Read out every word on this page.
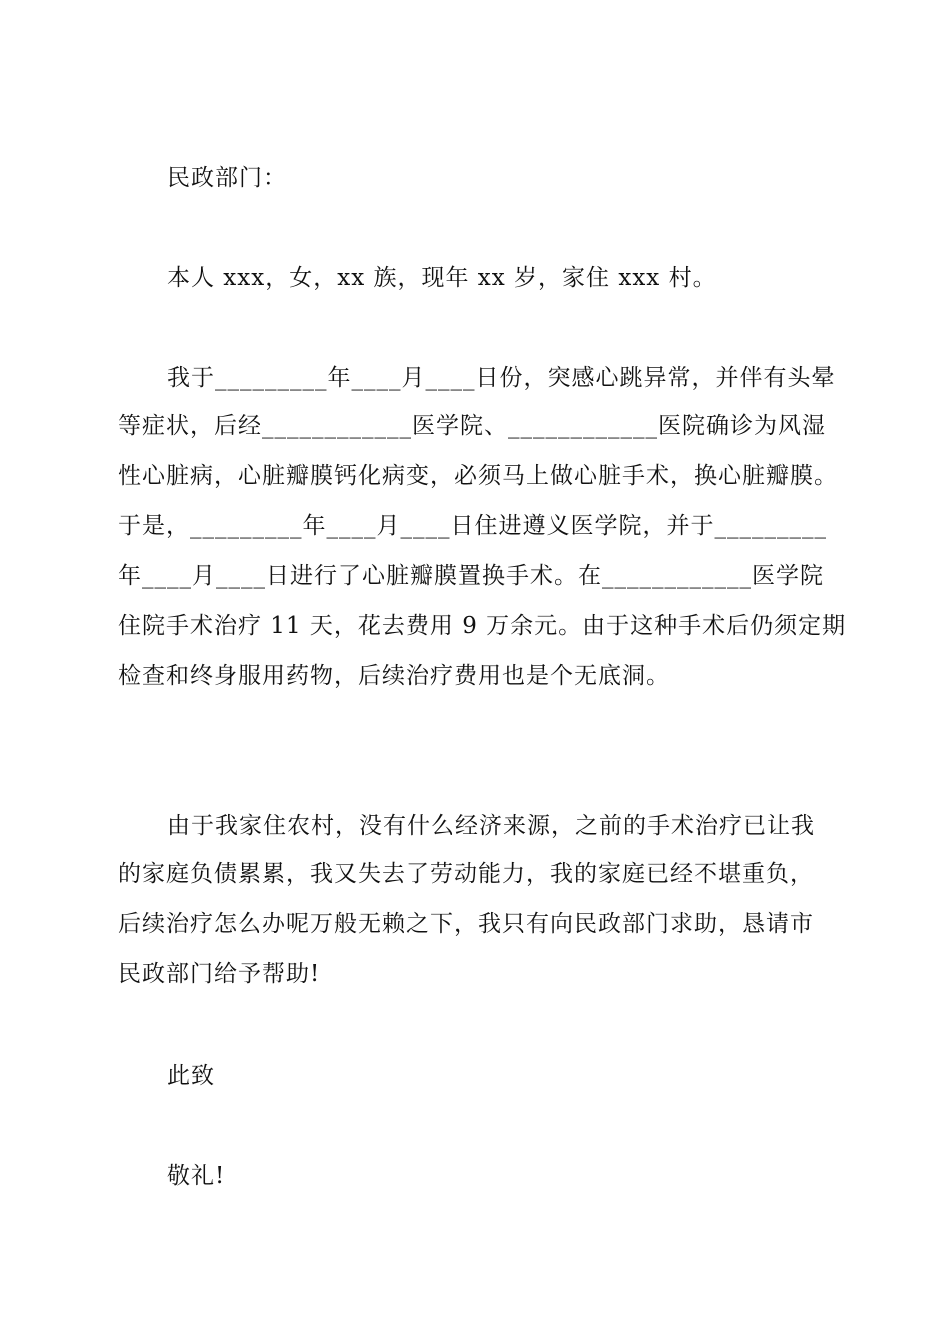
民政部门：
本人 xxx，女，xx 族，现年 xx 岁，家住 xxx 村。
我于_________年____月____日份，突感心跳异常，并伴有头晕
等症状，后经____________医学院、____________医院确诊为风湿
性心脏病，心脏瓣膜钙化病变，必须马上做心脏手术，换心脏瓣膜。
于是，_________年____月____日住进遵义医学院，并于_________
年____月____日进行了心脏瓣膜置换手术。在____________医学院
住院手术治疗 11 天，花去费用 9 万余元。由于这种手术后仍须定期
检查和终身服用药物，后续治疗费用也是个无底洞。
由于我家住农村，没有什么经济来源，之前的手术治疗已让我
的家庭负债累累，我又失去了劳动能力，我的家庭已经不堪重负，
后续治疗怎么办呢万般无赖之下，我只有向民政部门求助，恳请市
民政部门给予帮助!
此致
敬礼!
